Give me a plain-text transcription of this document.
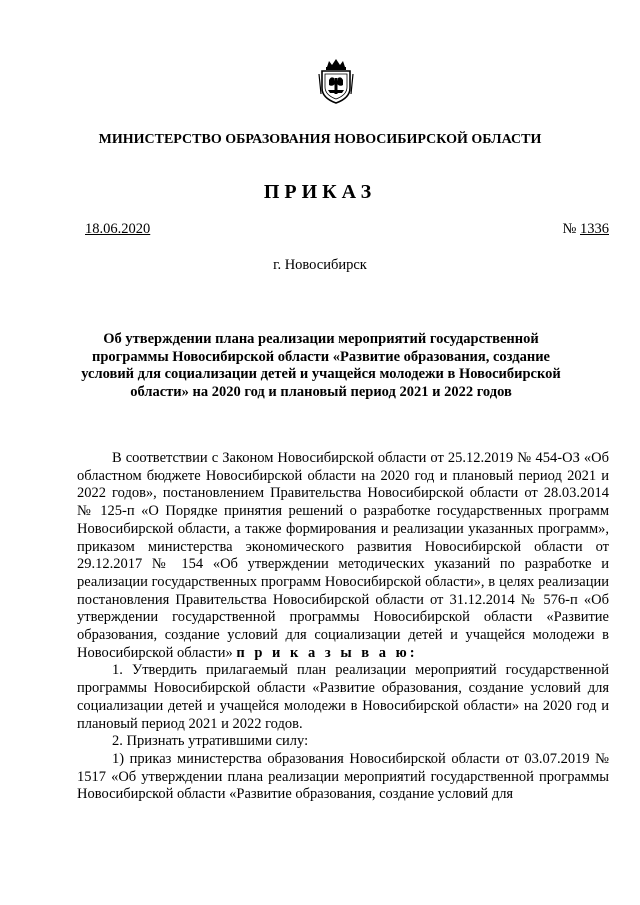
МИНИСТЕРСТВО ОБРАЗОВАНИЯ НОВОСИБИРСКОЙ ОБЛАСТИ
ПРИКАЗ
18.06.2020	№ 1336
г. Новосибирск
Об утверждении плана реализации мероприятий государственной программы Новосибирской области «Развитие образования, создание условий для социализации детей и учащейся молодежи в Новосибирской области» на 2020 год и плановый период 2021 и 2022 годов

В соответствии с Законом Новосибирской области от 25.12.2019 № 454-ОЗ «Об областном бюджете Новосибирской области на 2020 год и плановый период 2021 и 2022 годов», постановлением Правительства Новосибирской области от 28.03.2014 № 125-п «О Порядке принятия решений о разработке государственных программ Новосибирской области, а также формирования и реализации указанных программ», приказом министерства экономического развития Новосибирской области от 29.12.2017 № 154 «Об утверждении методических указаний по разработке и реализации государственных программ Новосибирской области», в целях реализации постановления Правительства Новосибирской области от 31.12.2014 № 576-п «Об утверждении государственной программы Новосибирской области «Развитие образования, создание условий для социализации детей и учащейся молодежи в Новосибирской области» п р и к а з ы в а ю:

1. Утвердить прилагаемый план реализации мероприятий государственной программы Новосибирской области «Развитие образования, создание условий для социализации детей и учащейся молодежи в Новосибирской области» на 2020 год и плановый период 2021 и 2022 годов.

2. Признать утратившими силу:

1) приказ министерства образования Новосибирской области от 03.07.2019 № 1517 «Об утверждении плана реализации мероприятий государственной программы Новосибирской области «Развитие образования, создание условий для
